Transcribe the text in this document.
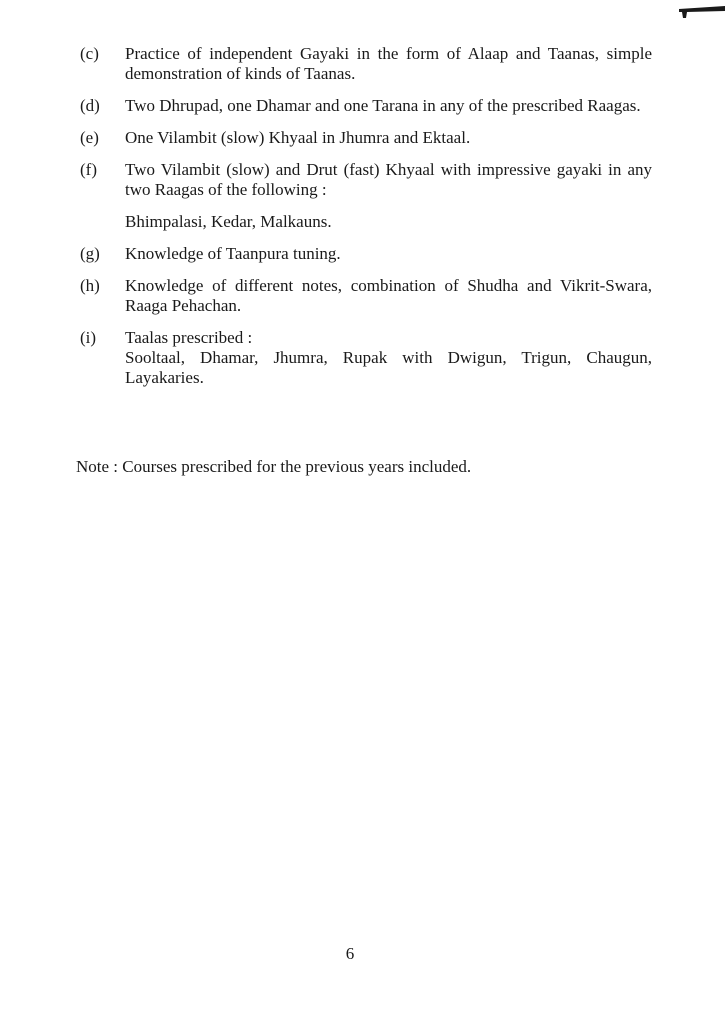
(c)	Practice of independent Gayaki in the form of Alaap and Taanas, simple demonstration of kinds of Taanas.
(d)	Two Dhrupad, one Dhamar and one Tarana in any of the prescribed Raagas.
(e)	One Vilambit (slow) Khyaal in Jhumra and Ektaal.
(f)	Two Vilambit (slow) and Drut (fast) Khyaal with impressive gayaki in any two Raagas of the following :
Bhimpalasi, Kedar, Malkauns.
(g)	Knowledge of Taanpura tuning.
(h)	Knowledge of different notes, combination of Shudha and Vikrit-Swara, Raaga Pehachan.
(i)	Taalas prescribed :
Sooltaal, Dhamar, Jhumra, Rupak with Dwigun, Trigun, Chaugun, Layakaries.
Note : Courses prescribed for the previous years included.
6
